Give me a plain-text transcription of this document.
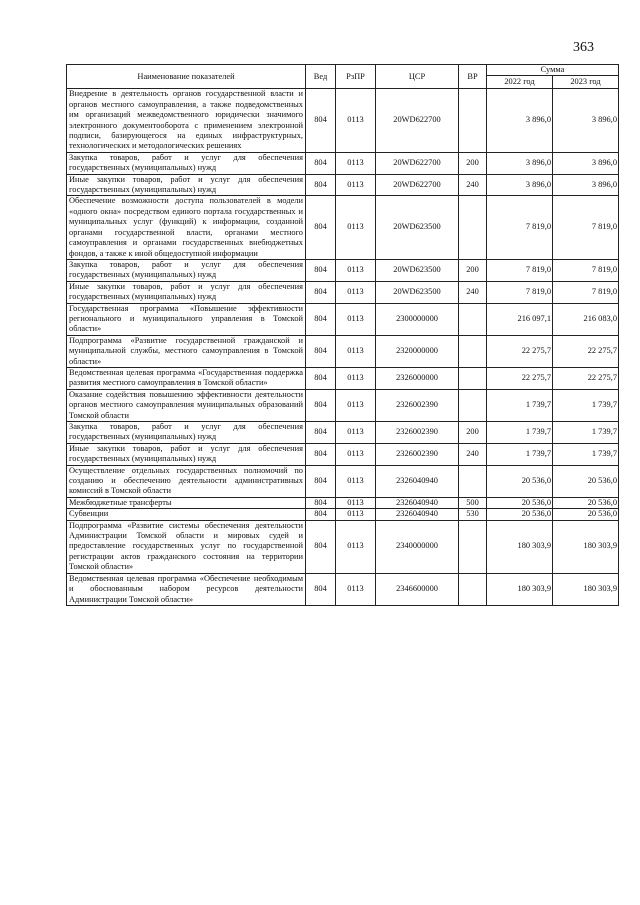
363
Наименование показателей	Вед	РзПР	ЦСР	ВР	Сумма	
					2022 год	2023 год
Внедрение в деятельность органов государственной власти и органов местного самоуправления, а также подведомственных им организаций межведомственного юридически значимого электронного документооборота с применением электронной подписи, базирующегося на единых инфраструктурных, технологических и методологических решениях	804	0113	20WD622700		3 896,0	3 896,0
Закупка товаров, работ и услуг для обеспечения государственных (муниципальных) нужд	804	0113	20WD622700	200	3 896,0	3 896,0
Иные закупки товаров, работ и услуг для обеспечения государственных (муниципальных) нужд	804	0113	20WD622700	240	3 896,0	3 896,0
Обеспечение возможности доступа пользователей в модели «одного окна» посредством единого портала государственных и муниципальных услуг (функций) к информации, созданной органами государственной власти, органами местного самоуправления и органами государственных внебюджетных фондов, а также к иной общедоступной информации	804	0113	20WD623500		7 819,0	7 819,0
Закупка товаров, работ и услуг для обеспечения государственных (муниципальных) нужд	804	0113	20WD623500	200	7 819,0	7 819,0
Иные закупки товаров, работ и услуг для обеспечения государственных (муниципальных) нужд	804	0113	20WD623500	240	7 819,0	7 819,0
Государственная программа «Повышение эффективности регионального и муниципального управления в Томской области»	804	0113	2300000000		216 097,1	216 083,0
Подпрограмма «Развитие государственной гражданской и муниципальной службы, местного самоуправления в Томской области»	804	0113	2320000000		22 275,7	22 275,7
Ведомственная целевая программа «Государственная поддержка развития местного самоуправления в Томской области»	804	0113	2326000000		22 275,7	22 275,7
Оказание содействия повышению эффективности деятельности органов местного самоуправления муниципальных образований Томской области	804	0113	2326002390		1 739,7	1 739,7
Закупка товаров, работ и услуг для обеспечения государственных (муниципальных) нужд	804	0113	2326002390	200	1 739,7	1 739,7
Иные закупки товаров, работ и услуг для обеспечения государственных (муниципальных) нужд	804	0113	2326002390	240	1 739,7	1 739,7
Осуществление отдельных государственных полномочий по созданию и обеспечению деятельности административных комиссий в Томской области	804	0113	2326040940		20 536,0	20 536,0
Межбюджетные трансферты	804	0113	2326040940	500	20 536,0	20 536,0
Субвенции	804	0113	2326040940	530	20 536,0	20 536,0
Подпрограмма «Развитие системы обеспечения деятельности Администрации Томской области и мировых судей и предоставление государственных услуг по государственной регистрации актов гражданского состояния на территории Томской области»	804	0113	2340000000		180 303,9	180 303,9
Ведомственная целевая программа «Обеспечение необходимым и обоснованным набором ресурсов деятельности Администрации Томской области»	804	0113	2346600000		180 303,9	180 303,9
